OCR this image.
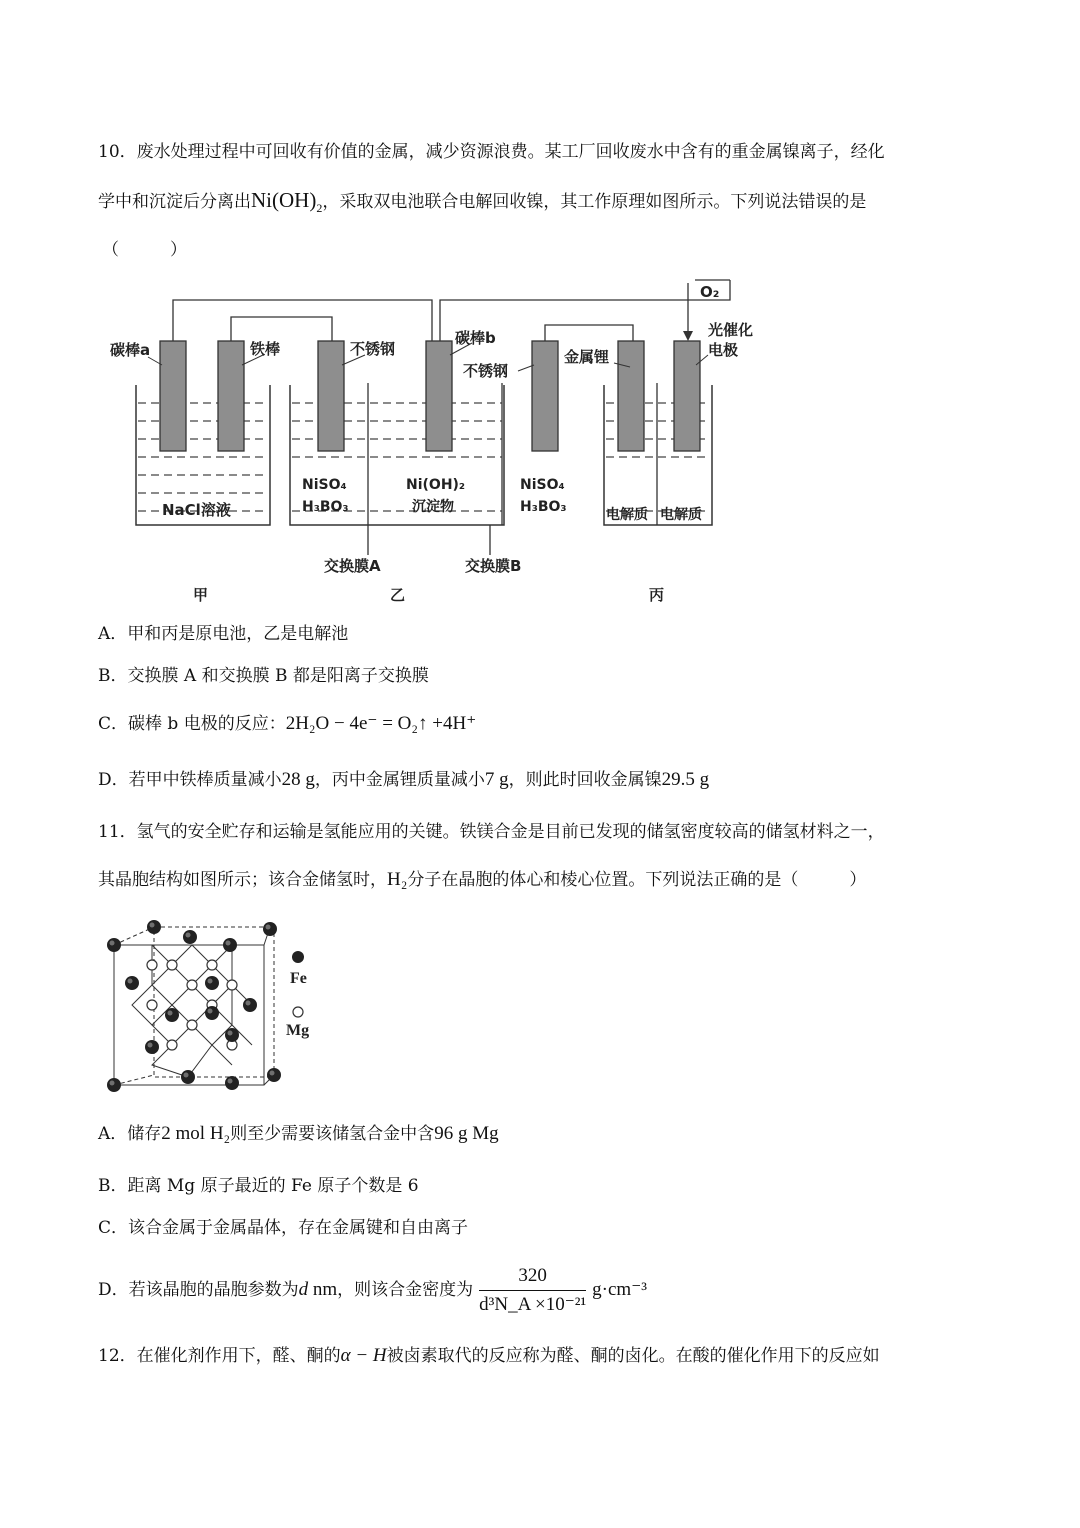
10．废水处理过程中可回收有价值的金属，减少资源浪费。某工厂回收废水中含有的重金属镍离子，经化
学中和沉淀后分离出$Ni(OH)_2$，采取双电池联合电解回收镍，其工作原理如图所示。下列说法错误的是
（　　　）
碳棒a	铁棒	不锈钢
碳棒b
不锈钢
金属锂
光催化
电极
O₂
NaCl溶液
NiSO₄
H₃BO₃
Ni(OH)₂
沉淀物
NiSO₄
H₃BO₃	电解质 电解质
交换膜A	交换膜B
甲	乙	丙
A．甲和丙是原电池，乙是电解池
B．交换膜 A 和交换膜 B 都是阳离子交换膜
C．碳棒 b 电极的反应：2H₂O − 4e⁻ = O₂↑ +4H⁺
D．若甲中铁棒质量减小28 g，丙中金属锂质量减小7 g，则此时回收金属镍29.5 g
11．氢气的安全贮存和运输是氢能应用的关键。铁镁合金是目前已发现的储氢密度较高的储氢材料之一，
其晶胞结构如图所示；该合金储氢时，H₂分子在晶胞的体心和棱心位置。下列说法正确的是（　　　）
Fe
Mg
A．储存2 mol H₂则至少需要该储氢合金中含96 g Mg
B．距离 Mg 原子最近的 Fe 原子个数是 6
C．该合金属于金属晶体，存在金属键和自由离子
D．若该晶胞的晶胞参数为d nm，则该合金密度为 $\frac{320}{\text{d³N\_A ×10⁻²¹}} g\cdot cm^{-3}$
12．在催化剂作用下，醛、酮的α − H被卤素取代的反应称为醛、酮的卤化。在酸的催化作用下的反应如
